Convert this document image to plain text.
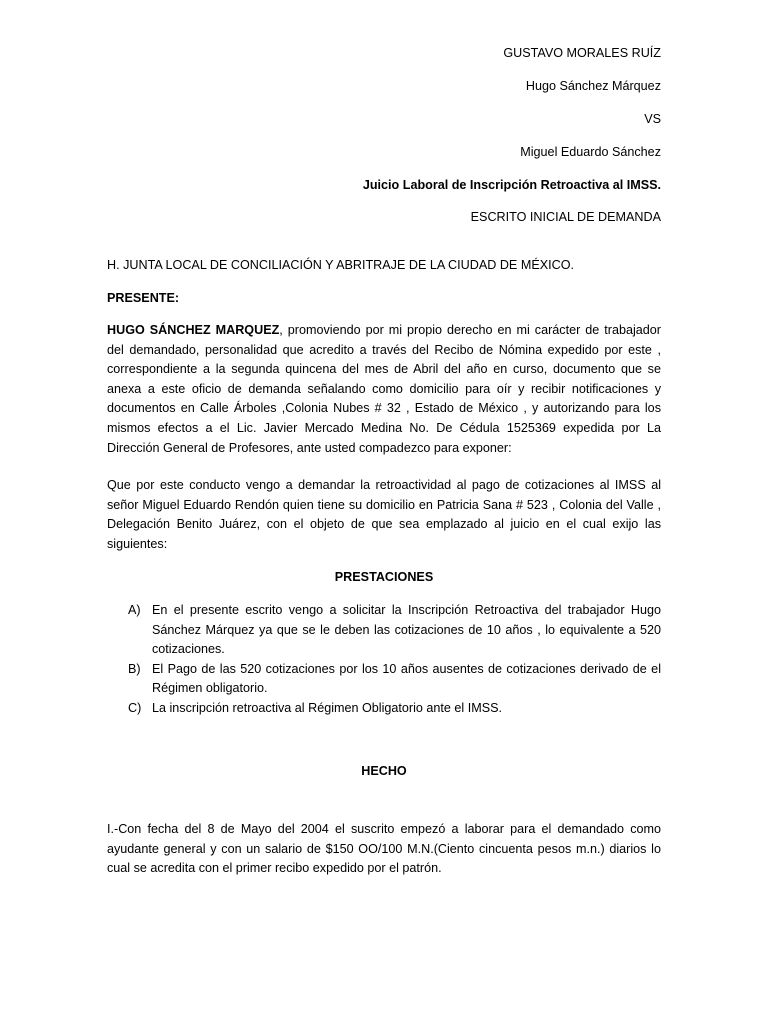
GUSTAVO MORALES RUÍZ
Hugo Sánchez Márquez
VS
Miguel Eduardo Sánchez
Juicio Laboral de Inscripción Retroactiva al IMSS.
ESCRITO INICIAL DE DEMANDA

H. JUNTA LOCAL DE CONCILIACIÓN Y ABRITRAJE DE LA CIUDAD DE MÉXICO.

PRESENTE:

HUGO SÁNCHEZ MARQUEZ, promoviendo por mi propio derecho en mi carácter de trabajador del demandado, personalidad que acredito a través del Recibo de Nómina expedido por este , correspondiente a la segunda quincena del mes de Abril del año en curso, documento que se anexa a este oficio de demanda señalando como domicilio para oír y recibir notificaciones y documentos en Calle Árboles ,Colonia Nubes # 32 , Estado de México , y autorizando para los mismos efectos a el Lic. Javier Mercado Medina No. De Cédula 1525369 expedida por La Dirección General de Profesores, ante usted compadezco para exponer:

Que por este conducto vengo a demandar la retroactividad al pago de cotizaciones al IMSS al señor Miguel Eduardo Rendón quien tiene su domicilio en Patricia Sana # 523 , Colonia del Valle , Delegación Benito Juárez, con el objeto de que sea emplazado al juicio en el cual exijo las siguientes:

PRESTACIONES
A) En el presente escrito vengo a solicitar la Inscripción Retroactiva del trabajador Hugo Sánchez Márquez ya que se le deben las cotizaciones de 10 años , lo equivalente a 520 cotizaciones.
B) El Pago de las 520 cotizaciones por los 10 años ausentes de cotizaciones derivado de el Régimen obligatorio.
C) La inscripción retroactiva al Régimen Obligatorio ante el IMSS.
HECHO

I.-Con fecha del 8 de Mayo del 2004 el suscrito empezó a laborar para el demandado como ayudante general y con un salario de $150 OO/100 M.N.(Ciento cincuenta pesos m.n.) diarios lo cual se acredita con el primer recibo expedido por el patrón.
